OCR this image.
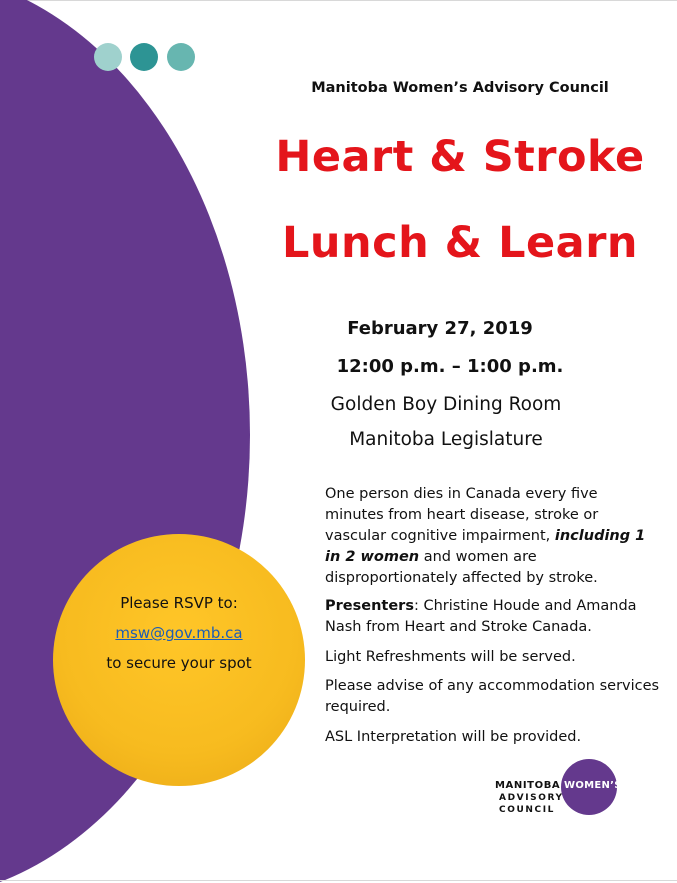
Please RSVP to:
msw@gov.mb.ca
to secure your spot
Manitoba Women’s Advisory Council
Heart & Stroke
Lunch & Learn
February 27, 2019
12:00 p.m. – 1:00 p.m.
Golden Boy Dining Room
Manitoba Legislature
One person dies in Canada every five minutes from heart disease, stroke or vascular cognitive impairment, including 1 in 2 women and women are disproportionately affected by stroke.
Presenters: Christine Houde and Amanda Nash from Heart and Stroke Canada.
Light Refreshments will be served.
Please advise of any accommodation services required.
ASL Interpretation will be provided.
MANITOBA WOMEN’S
ADVISORY
COUNCIL
